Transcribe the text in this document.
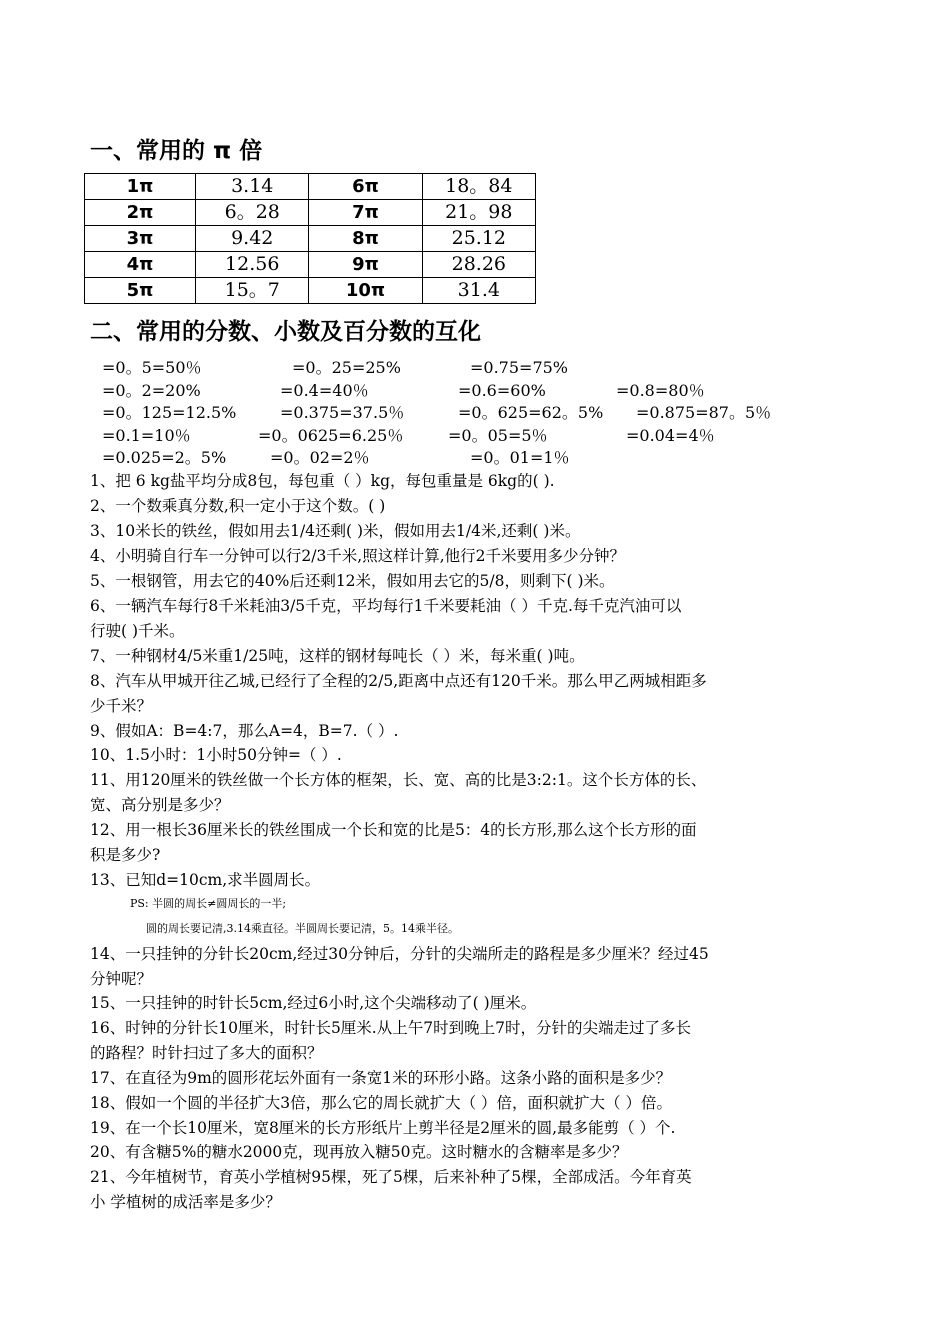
一、常用的 π 倍
1π	3.14	6π	18。84
2π	6。28	7π	21。98
3π	9.42	8π	25.12
4π	12.56	9π	28.26
5π	15。7	10π	31.4
二、常用的分数、小数及百分数的互化
=0。5=50％	=0。25=25%	=0.75=75%
=0。2=20%	=0.4=40％	=0.6=60%	=0.8=80％
=0。125=12.5%	=0.375=37.5％	=0。625=62。5% =0.875=87。5％
=0.1=10％	=0。0625=6.25％	=0。05=5％	=0.04=4％
=0.025=2。5%	=0。02=2％	=0。01=1％
1、把 6 kg盐平均分成8包，每包重（ ）kg，每包重量是 6kg的( ).
2、一个数乘真分数,积一定小于这个数。( )
3、10米长的铁丝，假如用去1/4还剩( )米，假如用去1/4米,还剩( )米。
4、小明骑自行车一分钟可以行2/3千米,照这样计算,他行2千米要用多少分钟？
5、一根钢管，用去它的40%后还剩12米，假如用去它的5/8，则剩下( )米。
6、一辆汽车每行8千米耗油3/5千克，平均每行1千米要耗油（ ）千克.每千克汽油可以
行驶( )千米。
7、一种钢材4/5米重1/25吨，这样的钢材每吨长（ ）米，每米重( )吨。
8、汽车从甲城开往乙城,已经行了全程的2/5,距离中点还有120千米。那么甲乙两城相距多
少千米？
9、假如A：B=4:7，那么A=4，B=7.（ ）.
10、1.5小时：1小时50分钟=（ ）.
11、用120厘米的铁丝做一个长方体的框架，长、宽、高的比是3:2:1。这个长方体的长、
宽、高分别是多少？
12、用一根长36厘米长的铁丝围成一个长和宽的比是5：4的长方形,那么这个长方形的面
积是多少?
13、已知d=10cm,求半圆周长。
PS: 半圆的周长≠圆周长的一半;
圆的周长要记清,3.14乘直径。半圆周长要记清，5。14乘半径。
14、一只挂钟的分针长20cm,经过30分钟后，分针的尖端所走的路程是多少厘米？经过45
分钟呢？
15、一只挂钟的时针长5cm,经过6小时,这个尖端移动了( )厘米。
16、时钟的分针长10厘米，时针长5厘米.从上午7时到晚上7时，分针的尖端走过了多长
的路程？时针扫过了多大的面积？
17、在直径为9m的圆形花坛外面有一条宽1米的环形小路。这条小路的面积是多少？
18、假如一个圆的半径扩大3倍，那么它的周长就扩大（ ）倍，面积就扩大（ ）倍。
19、在一个长10厘米，宽8厘米的长方形纸片上剪半径是2厘米的圆,最多能剪（ ）个.
20、有含糖5%的糖水2000克，现再放入糖50克。这时糖水的含糖率是多少？
21、今年植树节，育英小学植树95棵，死了5棵，后来补种了5棵，全部成活。今年育英
小 学植树的成活率是多少？
